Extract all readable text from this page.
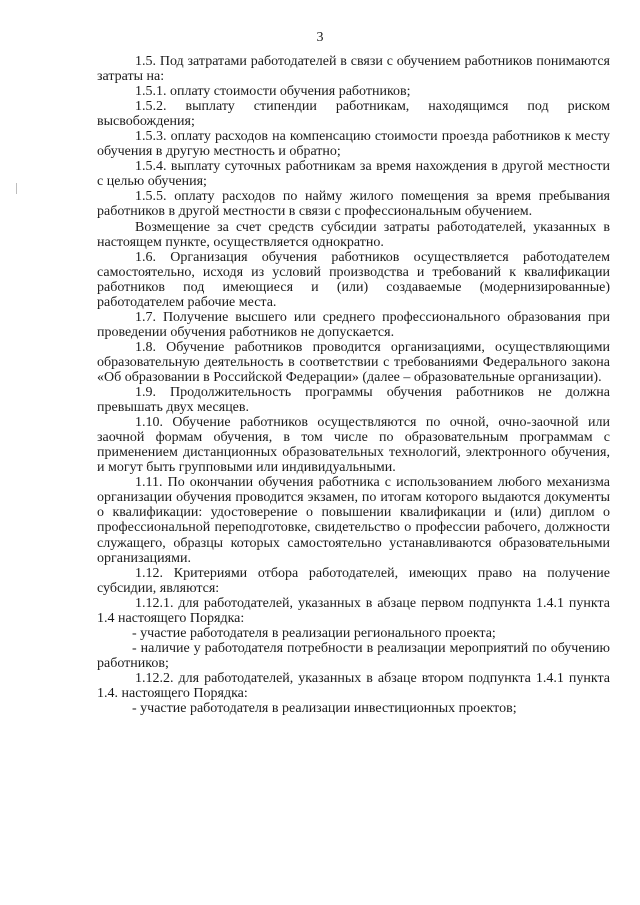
3

1.5. Под затратами работодателей в связи с обучением работников понимаются затраты на:

1.5.1. оплату стоимости обучения работников;

1.5.2. выплату стипендии работникам, находящимся под риском высвобождения;

1.5.3. оплату расходов на компенсацию стоимости проезда работников к месту обучения в другую местность и обратно;

1.5.4. выплату суточных работникам за время нахождения в другой местности с целью обучения;

1.5.5. оплату расходов по найму жилого помещения за время пребывания работников в другой местности в связи с профессиональным обучением.

Возмещение за счет средств субсидии затраты работодателей, указанных в настоящем пункте, осуществляется однократно.

1.6. Организация обучения работников осуществляется работодателем самостоятельно, исходя из условий производства и требований к квалификации работников под имеющиеся и (или) создаваемые (модернизированные) работодателем рабочие места.

1.7. Получение высшего или среднего профессионального образования при проведении обучения работников не допускается.

1.8. Обучение работников проводится организациями, осуществляющими образовательную деятельность в соответствии с требованиями Федерального закона «Об образовании в Российской Федерации» (далее – образовательные организации).

1.9. Продолжительность программы обучения работников не должна превышать двух месяцев.

1.10. Обучение работников осуществляются по очной, очно-заочной или заочной формам обучения, в том числе по образовательным программам с применением дистанционных образовательных технологий, электронного обучения, и могут быть групповыми или индивидуальными.

1.11. По окончании обучения работника с использованием любого механизма организации обучения проводится экзамен, по итогам которого выдаются документы о квалификации: удостоверение о повышении квалификации и (или) диплом о профессиональной переподготовке, свидетельство о профессии рабочего, должности служащего, образцы которых самостоятельно устанавливаются образовательными организациями.

1.12. Критериями отбора работодателей, имеющих право на получение субсидии, являются:

1.12.1. для работодателей, указанных в абзаце первом подпункта 1.4.1 пункта 1.4 настоящего Порядка:

- участие работодателя в реализации регионального проекта;

- наличие у работодателя потребности в реализации мероприятий по обучению работников;

1.12.2. для работодателей, указанных в абзаце втором подпункта 1.4.1 пункта 1.4. настоящего Порядка:

- участие работодателя в реализации инвестиционных проектов;
